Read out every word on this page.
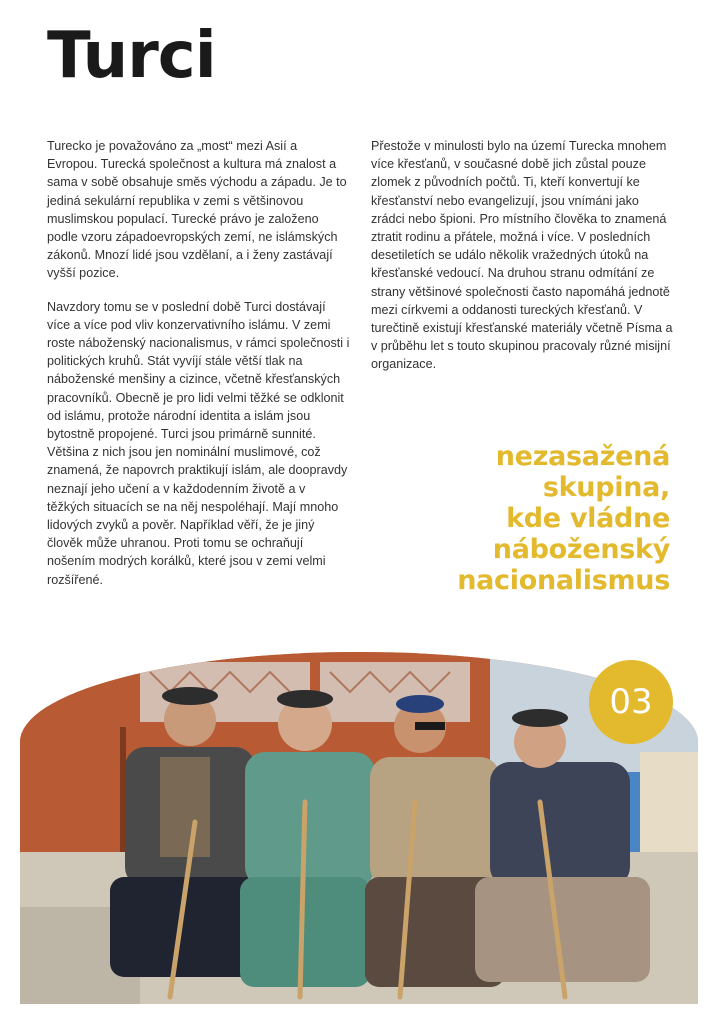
Turci

Turecko je považováno za „most“ mezi Asií a Evropou. Turecká společnost a kultura má znalost a sama v sobě obsahuje směs východu a západu. Je to jediná sekulární republika v zemi s většinovou muslimskou populací. Turecké právo je založeno podle vzoru západoevropských zemí, ne islámských zákonů. Mnozí lidé jsou vzdělaní, a i ženy zastávají vyšší pozice.

Navzdory tomu se v poslední době Turci dostávají více a více pod vliv konzervativního islámu. V zemi roste náboženský nacionalismus, v rámci společnosti i politických kruhů. Stát vyvíjí stále větší tlak na náboženské menšiny a cizince, včetně křesťanských pracovníků. Obecně je pro lidi velmi těžké se odklonit od islámu, protože národní identita a islám jsou bytostně propojené. Turci jsou primárně sunnité. Většina z nich jsou jen nominální muslimové, což znamená, že napovrch praktikují islám, ale doopravdy neznají jeho učení a v každodenním životě a v těžkých situacích se na něj nespoléhají. Mají mnoho lidových zvyků a pověr. Například věří, že je jiný člověk může uhranou. Proti tomu se ochraňují nošením modrých korálků, které jsou v zemi velmi rozšířené.

Přestože v minulosti bylo na území Turecka mnohem více křesťanů, v současné době jich zůstal pouze zlomek z původních počtů. Ti, kteří konvertují ke křesťanství nebo evangelizují, jsou vnímáni jako zrádci nebo špioni. Pro místního člověka to znamená ztratit rodinu a přátele, možná i více. V posledních desetiletích se událo několik vražedných útoků na křesťanské vedoucí. Na druhou stranu odmítání ze strany většinové společnosti často napomáhá jednotě mezi církvemi a oddanosti tureckých křesťanů. V turečtině existují křesťanské materiály včetně Písma a v průběhu let s touto skupinou pracovaly různé misijní organizace.

nezasažená
skupina,
kde vládne
náboženský
nacionalismus
03
